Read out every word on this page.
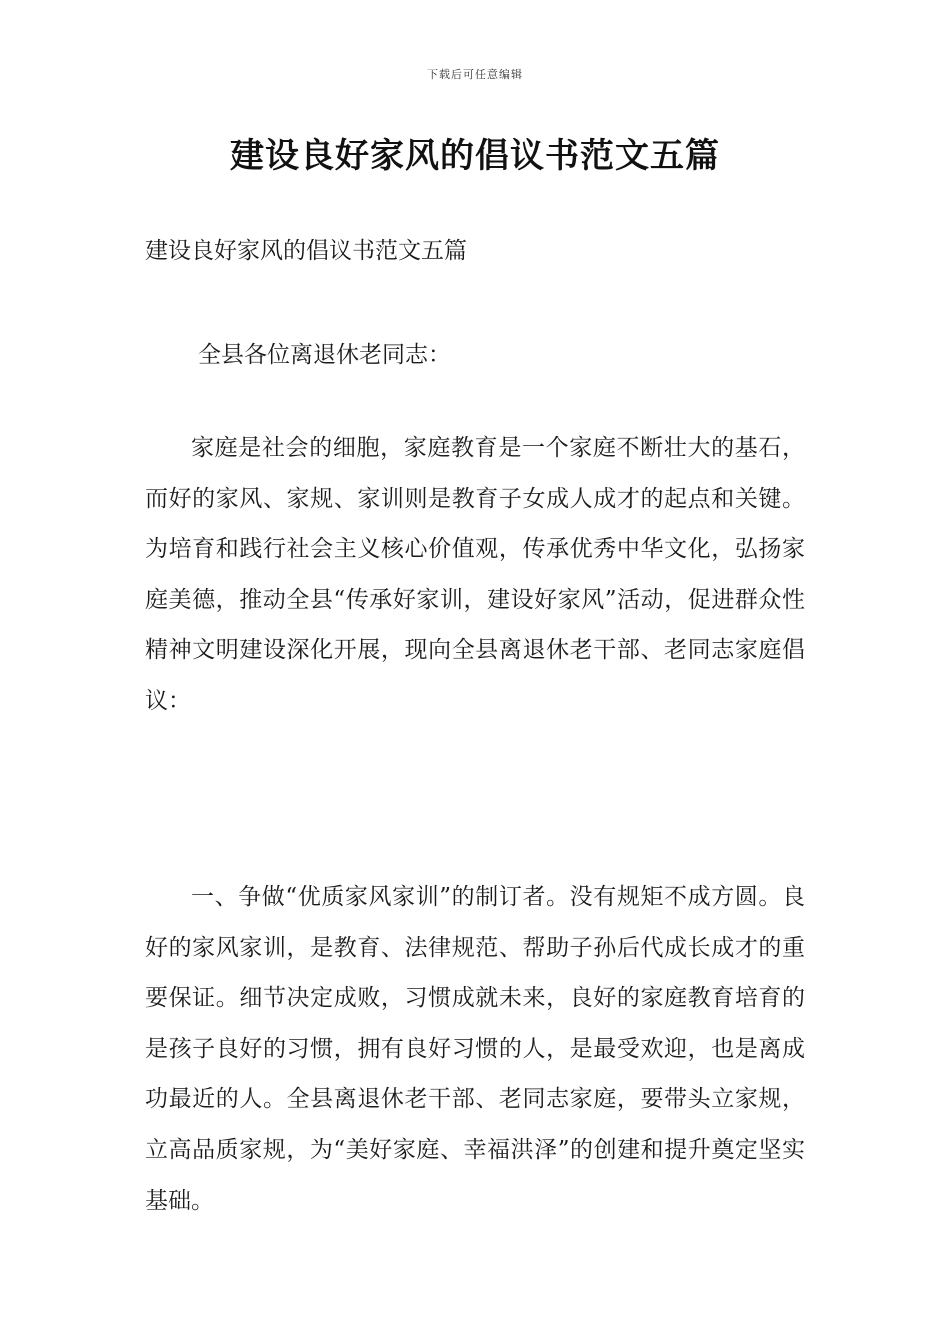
下载后可任意编辑
建设良好家风的倡议书范文五篇
建设良好家风的倡议书范文五篇
全县各位离退休老同志：

家庭是社会的细胞，家庭教育是一个家庭不断壮大的基石，而好的家风、家规、家训则是教育子女成人成才的起点和关键。为培育和践行社会主义核心价值观，传承优秀中华文化，弘扬家庭美德，推动全县“传承好家训，建设好家风”活动，促进群众性精神文明建设深化开展，现向全县离退休老干部、老同志家庭倡议：

一、争做“优质家风家训”的制订者。没有规矩不成方圆。良好的家风家训，是教育、法律规范、帮助子孙后代成长成才的重要保证。细节决定成败，习惯成就未来，良好的家庭教育培育的是孩子良好的习惯，拥有良好习惯的人，是最受欢迎，也是离成功最近的人。全县离退休老干部、老同志家庭，要带头立家规，立高品质家规，为“美好家庭、幸福洪泽”的创建和提升奠定坚实基础。
